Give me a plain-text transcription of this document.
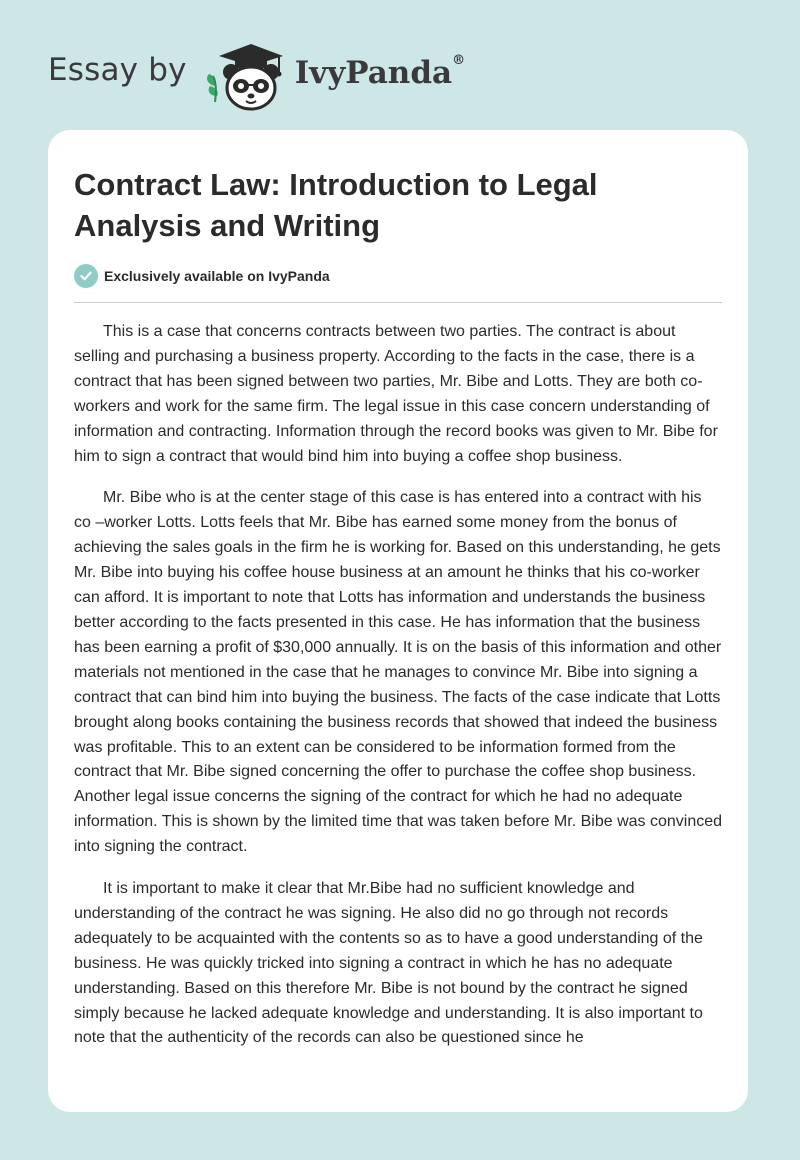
Essay by	IvyPanda®
Contract Law: Introduction to Legal Analysis and Writing
Exclusively available on IvyPanda

This is a case that concerns contracts between two parties. The contract is about selling and purchasing a business property. According to the facts in the case, there is a contract that has been signed between two parties, Mr. Bibe and Lotts. They are both co-workers and work for the same firm. The legal issue in this case concern understanding of information and contracting. Information through the record books was given to Mr. Bibe for him to sign a contract that would bind him into buying a coffee shop business.

Mr. Bibe who is at the center stage of this case is has entered into a contract with his co –worker Lotts. Lotts feels that Mr. Bibe has earned some money from the bonus of achieving the sales goals in the firm he is working for. Based on this understanding, he gets Mr. Bibe into buying his coffee house business at an amount he thinks that his co-worker can afford. It is important to note that Lotts has information and understands the business better according to the facts presented in this case. He has information that the business has been earning a profit of $30,000 annually. It is on the basis of this information and other materials not mentioned in the case that he manages to convince Mr. Bibe into signing a contract that can bind him into buying the business. The facts of the case indicate that Lotts brought along books containing the business records that showed that indeed the business was profitable. This to an extent can be considered to be information formed from the contract that Mr. Bibe signed concerning the offer to purchase the coffee shop business. Another legal issue concerns the signing of the contract for which he had no adequate information. This is shown by the limited time that was taken before Mr. Bibe was convinced into signing the contract.

It is important to make it clear that Mr.Bibe had no sufficient knowledge and understanding of the contract he was signing. He also did no go through not records adequately to be acquainted with the contents so as to have a good understanding of the business. He was quickly tricked into signing a contract in which he has no adequate understanding. Based on this therefore Mr. Bibe is not bound by the contract he signed simply because he lacked adequate knowledge and understanding. It is also important to note that the authenticity of the records can also be questioned since he
